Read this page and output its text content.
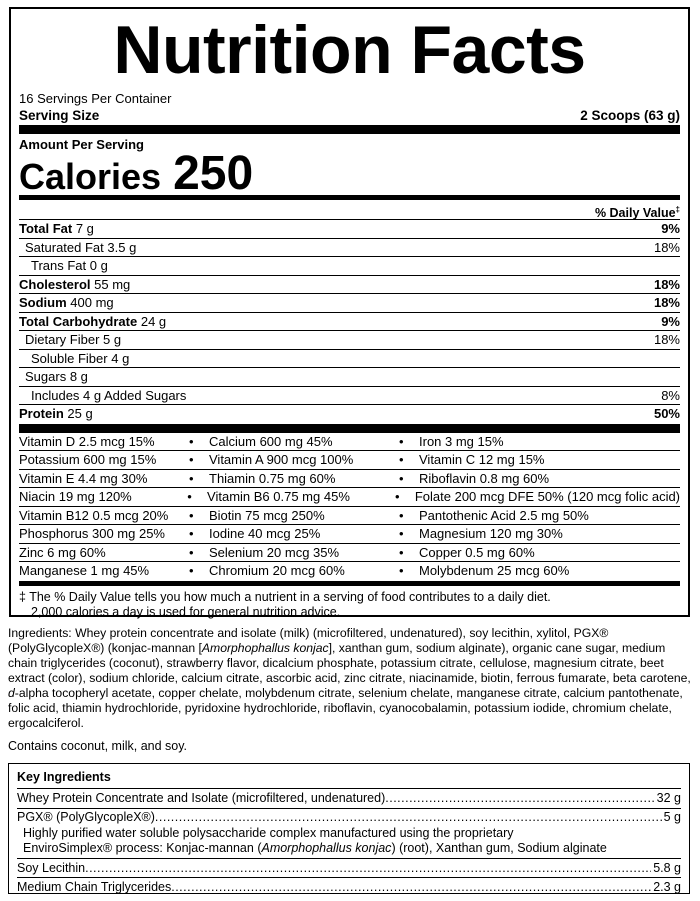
Nutrition Facts
16 Servings Per Container
Serving Size	2 Scoops (63 g)
Amount Per Serving
Calories 250
% Daily Value‡
Total Fat 7 g	9%
Saturated Fat 3.5 g	18%
Trans Fat 0 g
Cholesterol 55 mg	18%
Sodium 400 mg	18%
Total Carbohydrate 24 g	9%
Dietary Fiber 5 g	18%
Soluble Fiber 4 g
Sugars 8 g
Includes 4 g Added Sugars	8%
Protein 25 g	50%
Vitamin D 2.5 mcg 15%	•	Calcium 600 mg 45%	•	Iron 3 mg 15%
Potassium 600 mg 15%	•	Vitamin A 900 mcg 100%	•	Vitamin C 12 mg 15%
Vitamin E 4.4 mg 30%	•	Thiamin 0.75 mg 60%	•	Riboflavin 0.8 mg 60%
Niacin 19 mg 120%	•	Vitamin B6 0.75 mg 45%	•	Folate 200 mcg DFE 50% (120 mcg folic acid)
Vitamin B12 0.5 mcg 20%	•	Biotin 75 mcg 250%	•	Pantothenic Acid 2.5 mg 50%
Phosphorus 300 mg 25%	•	Iodine 40 mcg 25%	•	Magnesium 120 mg 30%
Zinc 6 mg 60%	•	Selenium 20 mcg 35%	•	Copper 0.5 mg 60%
Manganese 1 mg 45%	•	Chromium 20 mcg 60%	•	Molybdenum 25 mcg 60%
‡ The % Daily Value tells you how much a nutrient in a serving of food contributes to a daily diet.
2,000 calories a day is used for general nutrition advice.
Ingredients: Whey protein concentrate and isolate (milk) (microfiltered, undenatured), soy lecithin, xylitol, PGX® (PolyGlycopleX®) (konjac-mannan [Amorphophallus konjac], xanthan gum, sodium alginate), organic cane sugar, medium chain triglycerides (coconut), strawberry flavor, dicalcium phosphate, potassium citrate, cellulose, magnesium citrate, beet extract (color), sodium chloride, calcium citrate, ascorbic acid, zinc citrate, niacinamide, biotin, ferrous fumarate, beta carotene, d-alpha tocopheryl acetate, copper chelate, molybdenum citrate, selenium chelate, manganese citrate, calcium pantothenate, folic acid, thiamin hydrochloride, pyridoxine hydrochloride, riboflavin, cyanocobalamin, potassium iodide, chromium chelate, ergocalciferol.
Contains coconut, milk, and soy.
Key Ingredients
Whey Protein Concentrate and Isolate (microfiltered, undenatured) .....	32 g
PGX® (PolyGlycopleX®) .....	5 g
Highly purified water soluble polysaccharide complex manufactured using the proprietary
EnviroSimplex® process: Konjac-mannan (Amorphophallus konjac) (root), Xanthan gum, Sodium alginate
Soy Lecithin .....	5.8 g
Medium Chain Triglycerides .....	2.3 g
